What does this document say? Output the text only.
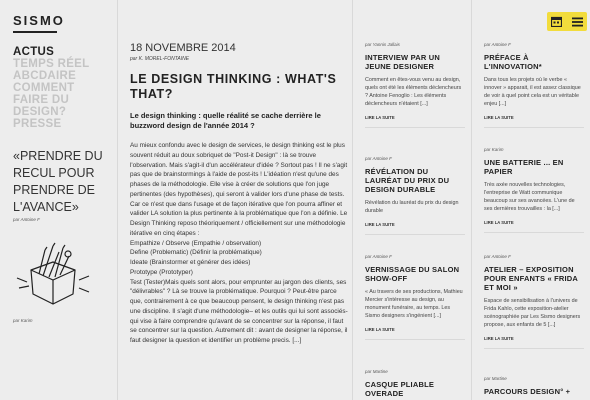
SISMO
ACTUS
TEMPS RÉEL
ABCDAIRE
COMMENT FAIRE DU DESIGN?
PRESSE
«PRENDRE DU RECUL POUR PRENDRE DE L'AVANCE»
par Antoine F
par Karim
18 NOVEMBRE 2014
par K. MOREL-FONTAINE
LE DESIGN THINKING : WHAT'S THAT?
Le design thinking : quelle réalité se cache derrière le buzzword design de l'année 2014 ?
Au mieux confondu avec le design de services, le design thinking est le plus souvent réduit au doux sobriquet de "Post-it Design" : là se trouve l'observation. Mais s'agit-il d'un accélérateur d'idée ? Sortout pas ! Il ne s'agit pas que de brainstormings à l'aide de post-its ! L'idéation n'est qu'une des phases de la méthodologie. Elle vise à créer de solutions que l'on juge pertinentes (des hypothèses), qui seront à valider lors d'une phase de tests. Car ce n'est que dans l'usage et de façon itérative que l'on pourra affiner et valider LA solution la plus pertinente à la problématique que l'on a définie. Le Design Thinking reposo théoriquement / officiellement sur une méthodologie itérative en cinq étapes :
Empathize / Observe (Empathie / observation)
Define (Problematic) (Définir la problématique)
Ideate (Brainstormer et générer des idées)
Prototype (Prototyper)
Test (Tester)Mais quels sont alors, pour emprunter au jargon des clients, ses "délivrables" ? Là se trouve la problématique. Pourquoi ? Peut-être parce que, contrairement à ce que beaucoup pensent, le design thinking n'est pas une discipline. Il s'agit d'une méthodologie– et les outils qui lui sont associés- qui vise à faire comprendre qu'avant de se concentrer sur la réponse, il faut se concentrer sur la question. Autrement dit : avant de designer la réponse, il faut designer la question et identifier un problème precis. [...]
par Yannis Jallais
INTERVIEW PAR UN JEUNE DESIGNER
Comment en êtes-vous venu au design, quels ont été les éléments déclencheurs ? Antoine Fenoglio : Les éléments déclencheurs n'étaient [...]
LIRE LA SUITE
par Antoine F
RÉVÉLATION DU LAURÉAT DU PRIX DU DESIGN DURABLE
Révélation du lauréat du prix du design durable
LIRE LA SUITE
par Antoine F
VERNISSAGE DU SALON SHOW-OFF
« Au travers de ses productions, Mathieu Mercier s'intéresse au design, au monument funéraire, au temps. Les Sismo designers s'ingénient [...]
LIRE LA SUITE
par Martine
CASQUE PLIABLE OVERADE
par Antoine F
PRÉFACE À L'INNOVATION*
Dans tous les projets où le verbe « innover » apparait, il est assez classique de voir à quel point cela est un véritable enjeu [...]
LIRE LA SUITE
par Karim
UNE BATTERIE ... EN PAPIER
Très axée nouvelles technologies, l'entreprise de Watt communique beaucoup sur ses avancées. L'une de ses dernières trouvailles : la [...]
LIRE LA SUITE
par Antoine F
ATELIER – EXPOSITION POUR ENFANTS « FRIDA ET MOI »
Espace de sensibilisation à l'univers de Frida Kahlo, cette exposition-atelier scénographiée par Les Sismo designers propose, aux enfants de 5 [...]
LIRE LA SUITE
par Martine
PARCOURS DESIGN° +
